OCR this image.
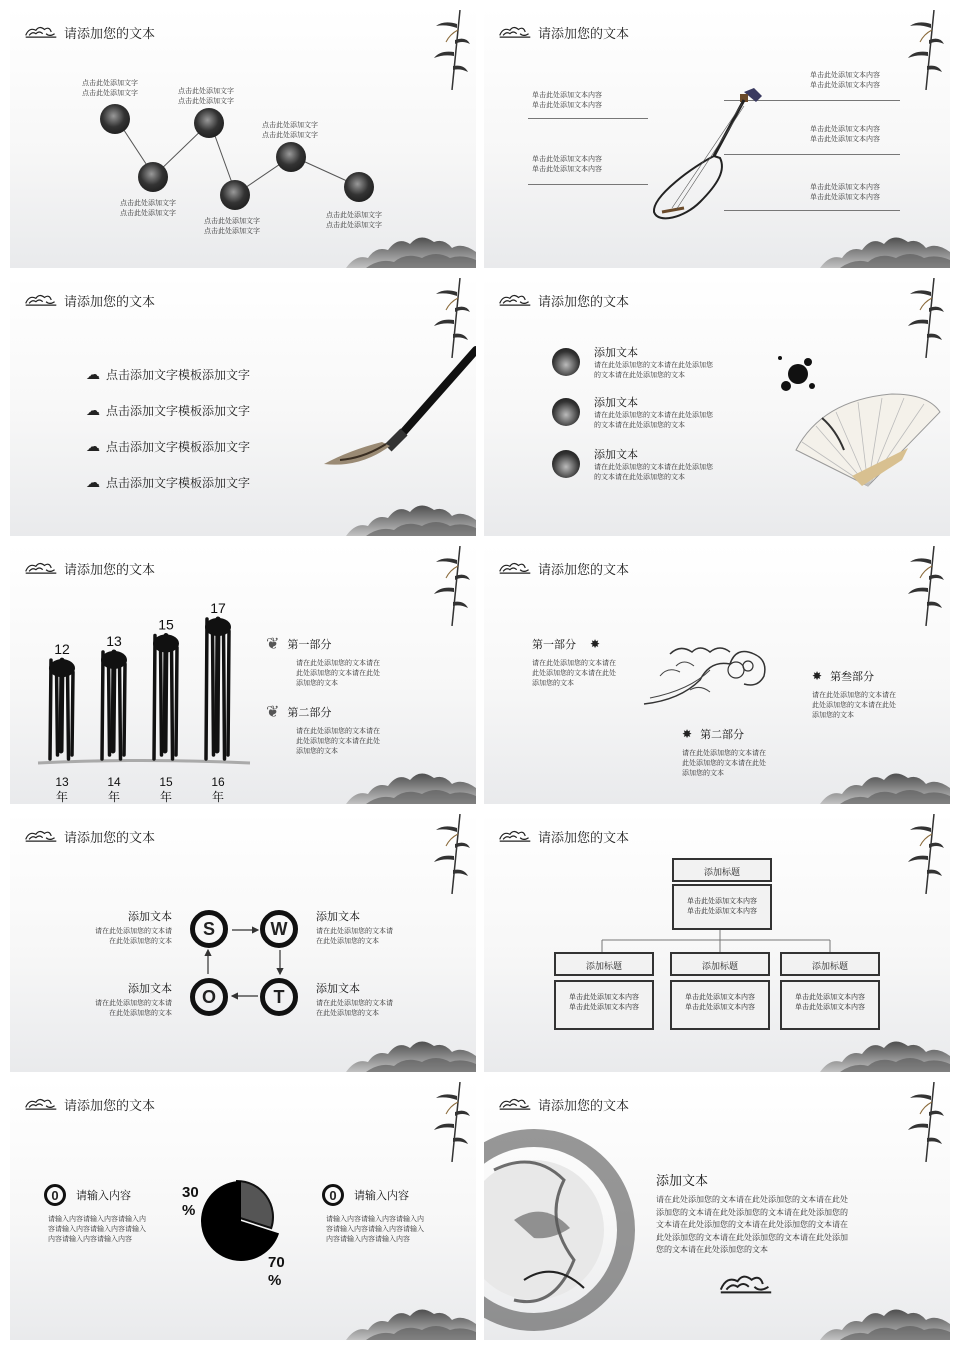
请添加您的文本
点击此处添加文字
点击此处添加文字
点击此处添加文字
点击此处添加文字
点击此处添加文字
点击此处添加文字
点击此处添加文字
点击此处添加文字
点击此处添加文字
点击此处添加文字
点击此处添加文字
点击此处添加文字
请添加您的文本
单击此处添加文本内容
单击此处添加文本内容
单击此处添加文本内容
单击此处添加文本内容
单击此处添加文本内容
单击此处添加文本内容
单击此处添加文本内容
单击此处添加文本内容
单击此处添加文本内容
单击此处添加文本内容
请添加您的文本
☁ 点击添加文字模板添加文字
☁ 点击添加文字模板添加文字
☁ 点击添加文字模板添加文字
☁ 点击添加文字模板添加文字
请添加您的文本
添加文本
请在此处添加您的文本请在此处添加您
的文本请在此处添加您的文本
添加文本
请在此处添加您的文本请在此处添加您
的文本请在此处添加您的文本
添加文本
请在此处添加您的文本请在此处添加您
的文本请在此处添加您的文本
请添加您的文本
12
13
年
13
14
年
15
15
年
17
16
年
❦ 第一部分
请在此处添加您的文本请在
此处添加您的文本请在此处
添加您的文本
❦ 第二部分
请在此处添加您的文本请在
此处添加您的文本请在此处
添加您的文本
请添加您的文本
第一部分 ✸
请在此处添加您的文本请在
此处添加您的文本请在此处
添加您的文本
✸ 第二部分
请在此处添加您的文本请在
此处添加您的文本请在此处
添加您的文本
✸ 第叁部分
请在此处添加您的文本请在
此处添加您的文本请在此处
添加您的文本
请添加您的文本
S	W
O	T
添加文本
请在此处添加您的文本请
在此处添加您的文本
添加文本
请在此处添加您的文本请
在此处添加您的文本
添加文本
请在此处添加您的文本请
在此处添加您的文本
添加文本
请在此处添加您的文本请
在此处添加您的文本
请添加您的文本
添加标题
单击此处添加文本内容
单击此处添加文本内容
添加标题
单击此处添加文本内容
单击此处添加文本内容
添加标题
单击此处添加文本内容
单击此处添加文本内容
添加标题
单击此处添加文本内容
单击此处添加文本内容
请添加您的文本
30
%
70
%
0	请输入内容
请输入内容请输入内容请输入内
容请输入内容请输入内容请输入
内容请输入内容请输入内容
0	请输入内容
请输入内容请输入内容请输入内
容请输入内容请输入内容请输入
内容请输入内容请输入内容
请添加您的文本
添加文本
请在此处添加您的文本请在此处添加您的文本请在此处
添加您的文本请在此处添加您的文本请在此处添加您的
文本请在此处添加您的文本请在此处添加您的文本请在
此处添加您的文本请在此处添加您的文本请在此处添加
您的文本请在此处添加您的文本
